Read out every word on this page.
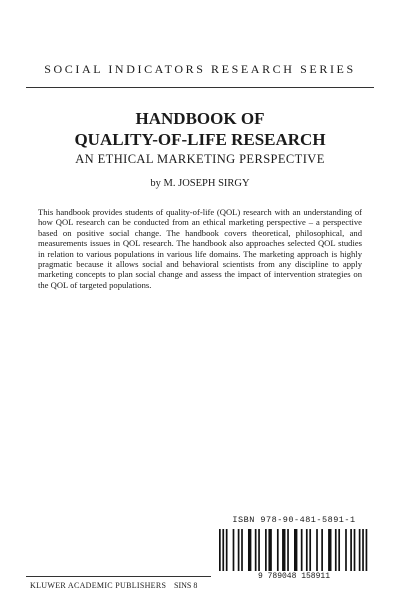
SOCIAL INDICATORS RESEARCH SERIES
HANDBOOK OF
QUALITY-OF-LIFE RESEARCH
AN ETHICAL MARKETING PERSPECTIVE
by M. JOSEPH SIRGY
This handbook provides students of quality-of-life (QOL) research with an understanding of how QOL research can be conducted from an ethical marketing perspective – a perspective based on positive social change. The handbook covers theoretical, philosophical, and measurements issues in QOL research. The handbook also approaches selected QOL studies in relation to various populations in various life domains. The marketing approach is highly pragmatic because it allows social and behavioral scientists from any discipline to apply marketing concepts to plan social change and assess the impact of intervention strategies on the QOL of targeted populations.
ISBN 978-90-481-5891-1
9 789048 158911
KLUWER ACADEMIC PUBLISHERS SINS 8
